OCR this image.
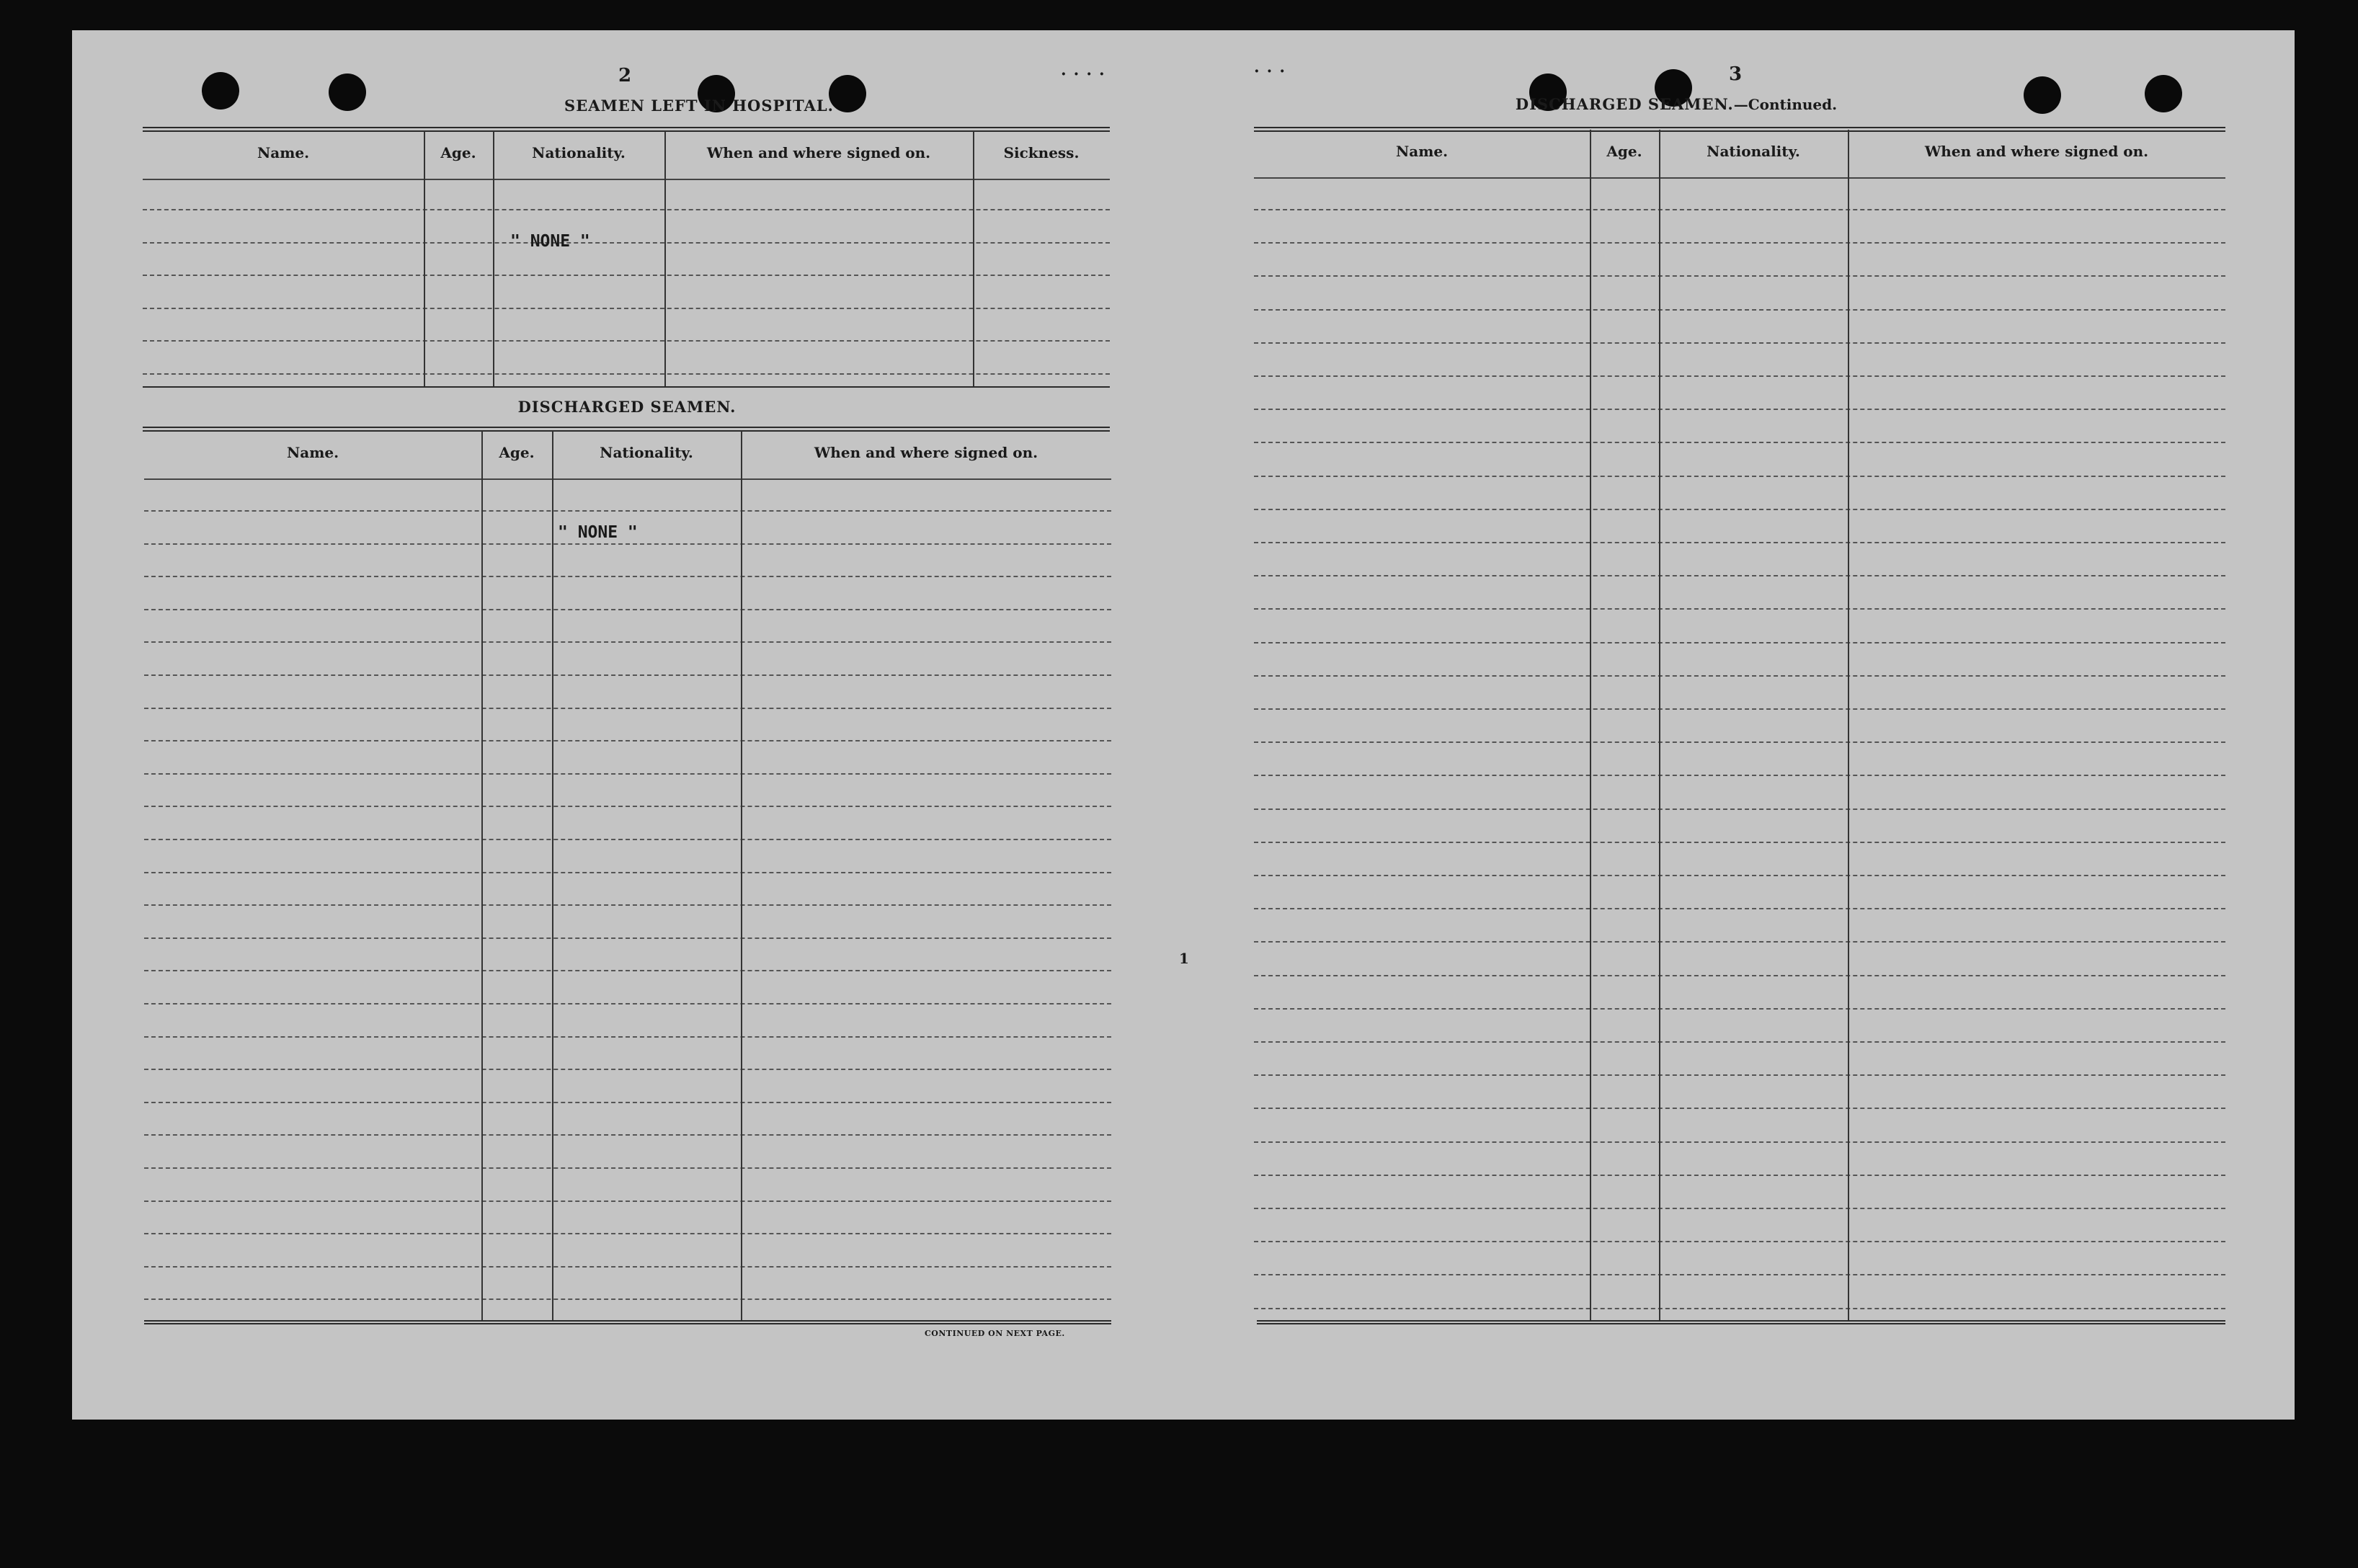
2	····
SEAMEN LEFT IN HOSPITAL.
Name.	Age.	Nationality.	When and where signed on.	Sickness.
" NONE "
DISCHARGED SEAMEN.
Name.	Age.	Nationality.	When and where signed on.
" NONE "
CONTINUED ON NEXT PAGE.
···	3
DISCHARGED SEAMEN.—Continued.
Name.	Age.	Nationality.	When and where signed on.
1
